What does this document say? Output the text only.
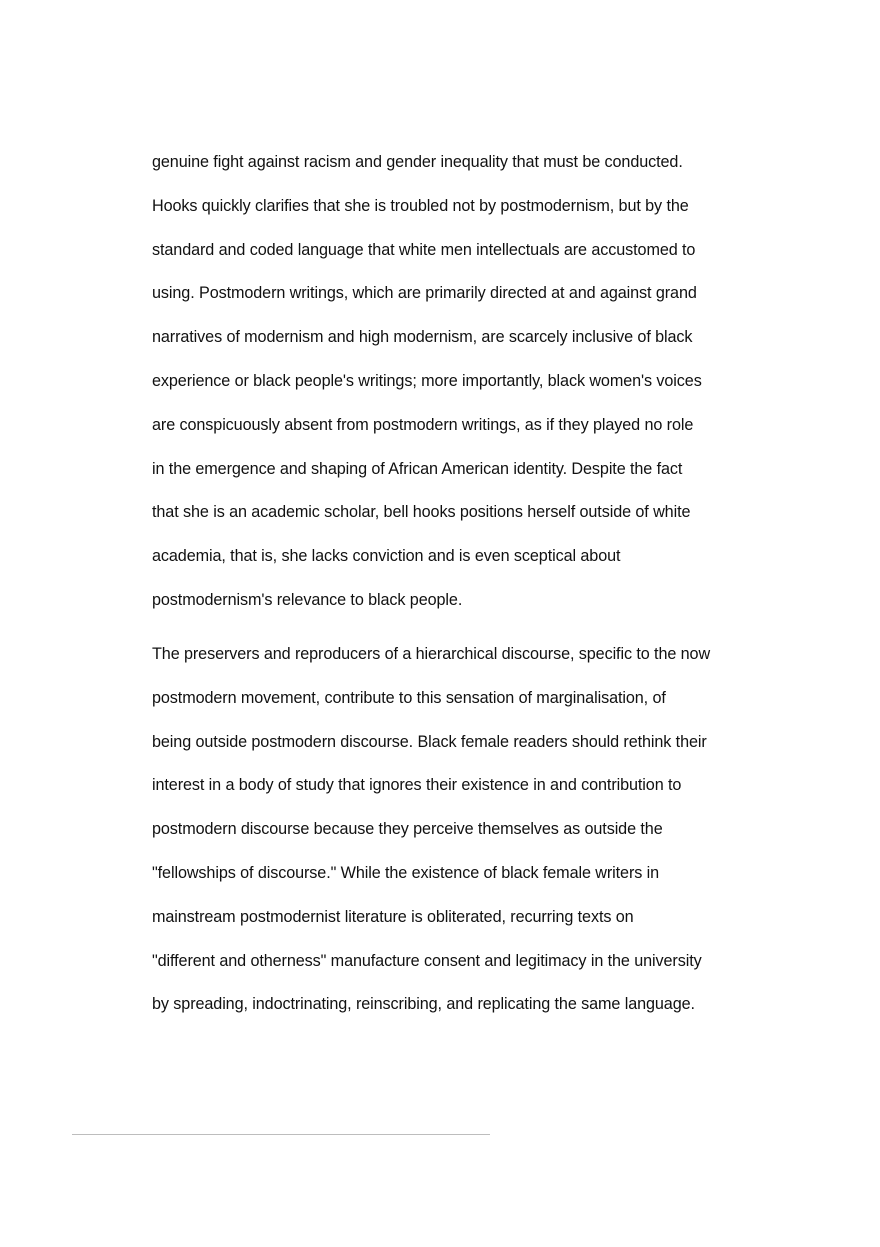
genuine fight against racism and gender inequality that must be conducted.
Hooks quickly clarifies that she is troubled not by postmodernism, but by the
standard and coded language that white men intellectuals are accustomed to
using. Postmodern writings, which are primarily directed at and against grand
narratives of modernism and high modernism, are scarcely inclusive of black
experience or black people's writings; more importantly, black women's voices
are conspicuously absent from postmodern writings, as if they played no role
in the emergence and shaping of African American identity. Despite the fact
that she is an academic scholar, bell hooks positions herself outside of white
academia, that is, she lacks conviction and is even sceptical about
postmodernism's relevance to black people.
The preservers and reproducers of a hierarchical discourse, specific to the now
postmodern movement, contribute to this sensation of marginalisation, of
being outside postmodern discourse. Black female readers should rethink their
interest in a body of study that ignores their existence in and contribution to
postmodern discourse because they perceive themselves as outside the
"fellowships of discourse." While the existence of black female writers in
mainstream postmodernist literature is obliterated, recurring texts on
"different and otherness" manufacture consent and legitimacy in the university
by spreading, indoctrinating, reinscribing, and replicating the same language.
